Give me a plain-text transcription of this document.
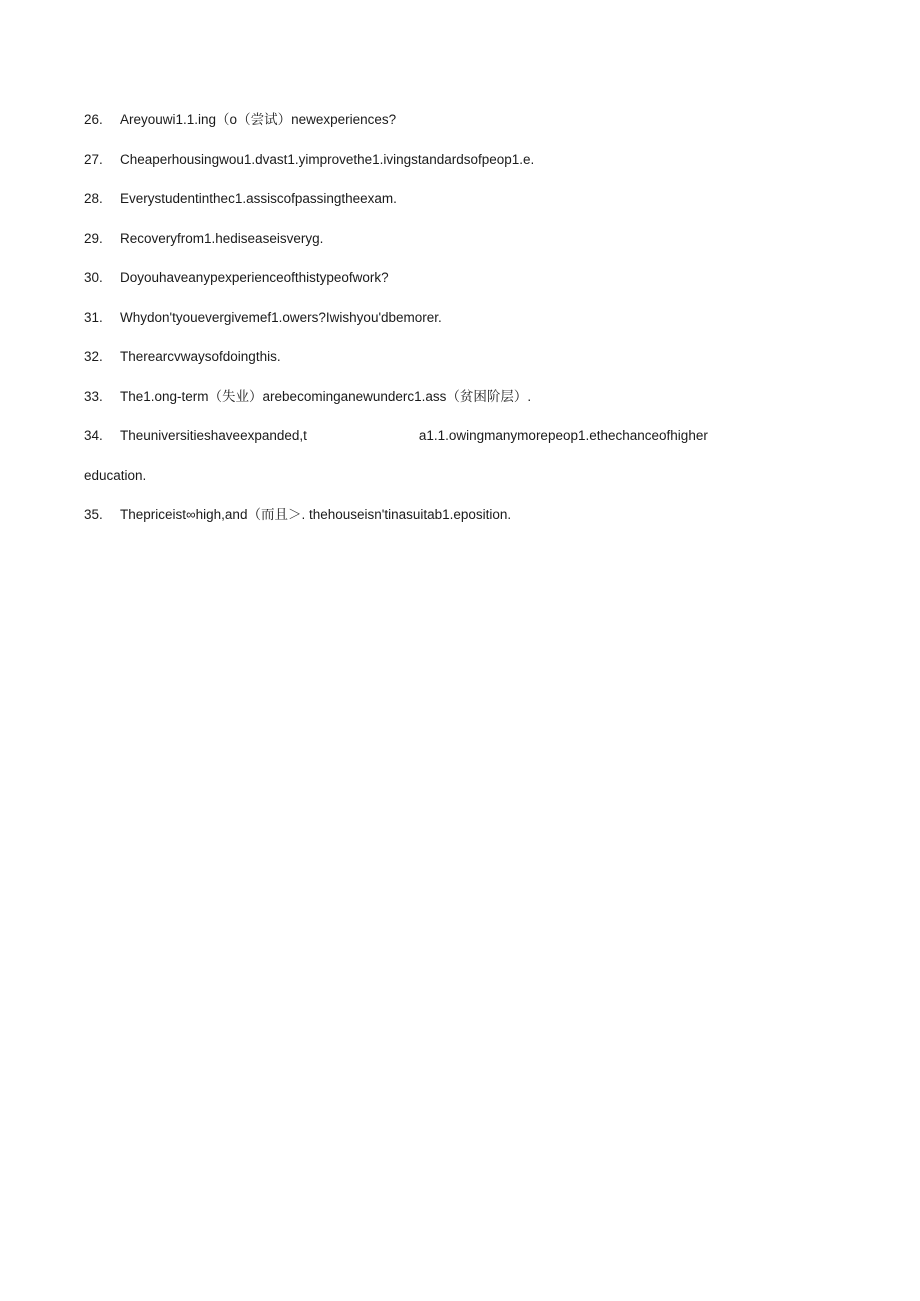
26. Areyouwi1.1.ing（o（尝试）newexperiences?
27. Cheaperhousingwou1.dvast1.yimprovethe1.ivingstandardsofpeop1.e.
28. Everystudentinthec1.assiscofpassingtheexam.
29. Recoveryfrom1.hediseaseisveryg.
30. Doyouhaveanypexperienceofthistypeofwork?
31. Whydon'tyouevergivemef1.owers?Iwishyou'dbemorer.
32. Therearcvwaysofdoingthis.
33. The1.ong-term（失业）arebecominganewunderc1.ass（贫困阶层）.
34. Theuniversitieshaveexpanded,t	a1.1.owingmanymorepeop1.ethechanceofhigher
education.
35. Thepriceist∞high,and（而且＞. thehouseisn'tinasuitab1.eposition.
